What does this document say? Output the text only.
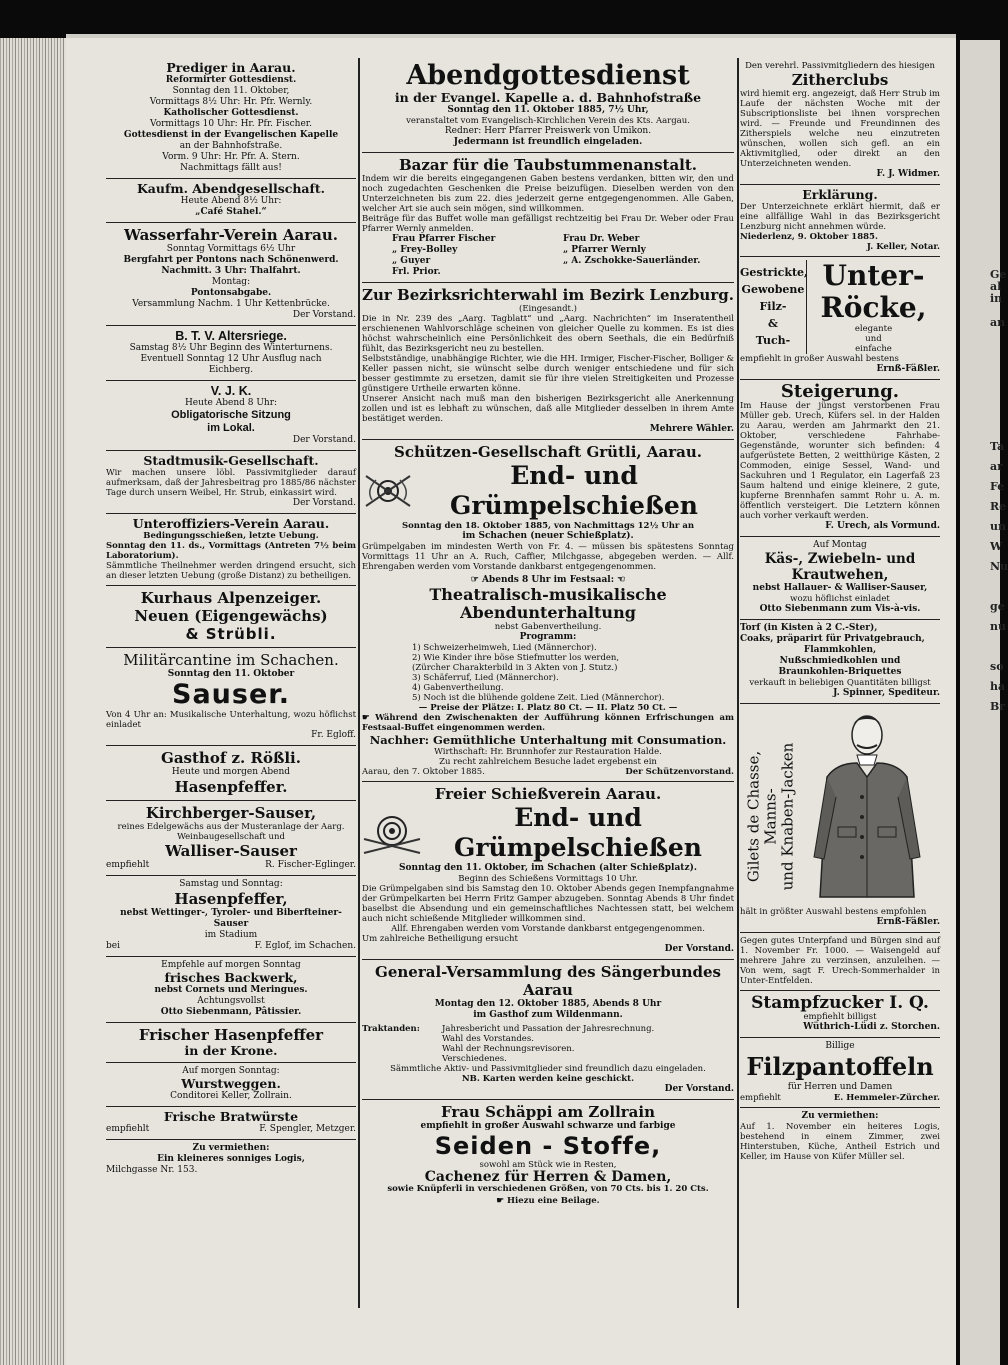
Ge
al
in
an
Ta
ar
Fe
Re
un
W
Nu
ge
nu
so
ha
Br
Prediger in Aarau.
Reformirter Gottesdienst.
Sonntag den 11. Oktober,
Vormittags 8½ Uhr: Hr. Pfr. Wernly.
Katholischer Gottesdienst.
Vormittags 10 Uhr: Hr. Pfr. Fischer.
Gottesdienst in der Evangelischen Kapelle
an der Bahnhofstraße.
Vorm. 9 Uhr: Hr. Pfr. A. Stern.
Nachmittags fällt aus!
Kaufm. Abendgesellschaft.
Heute Abend 8½ Uhr:
„Café Stahel.“
Wasserfahr-Verein Aarau.
Sonntag Vormittags 6½ Uhr
Bergfahrt per Pontons nach Schönenwerd. Nachmitt. 3 Uhr: Thalfahrt.
Montag:
Pontonsabgabe.
Versammlung Nachm. 1 Uhr Kettenbrücke.
Der Vorstand.
B. T. V. Altersriege.
Samstag 8½ Uhr Beginn des Winterturnens.
Eventuell Sonntag 12 Uhr Ausflug nach
Eichberg.
V. J. K.
Heute Abend 8 Uhr:
Obligatorische Sitzung
im Lokal.
Der Vorstand.
Stadtmusik-Gesellschaft.
Wir machen unsere löbl. Passivmitglieder darauf aufmerksam, daß der Jahresbeitrag pro 1885/86 nächster Tage durch unsern Weibel, Hr. Strub, einkassirt wird.
Der Vorstand.
Unteroffiziers-Verein Aarau.
Bedingungsschießen, letzte Uebung.
Sonntag den 11. ds., Vormittags (Antreten 7½ beim Laboratorium).
Sämmtliche Theilnehmer werden dringend ersucht, sich an dieser letzten Uebung (große Distanz) zu betheiligen.
Kurhaus Alpenzeiger.
Neuen (Eigengewächs)
& Strübli.
Militärcantine im Schachen.
Sonntag den 11. Oktober
Sauser.
Von 4 Uhr an: Musikalische Unterhaltung, wozu höflichst einladet
Fr. Egloff.
Gasthof z. Rößli.
Heute und morgen Abend
Hasenpfeffer.
Kirchberger-Sauser,
reines Edelgewächs aus der Musteranlage der Aarg. Weinbaugesellschaft und
Walliser-Sauser
empfiehlt	R. Fischer-Eglinger.
Samstag und Sonntag:
Hasenpfeffer,
nebst Wettinger-, Tyroler- und Biberfteiner-Sauser
im Stadium
bei	F. Eglof, im Schachen.
Empfehle auf morgen Sonntag
frisches Backwerk,
nebst Cornets und Meringues.
Achtungsvollst
Otto Siebenmann, Pâtissier.
Frischer Hasenpfeffer
in der Krone.
Auf morgen Sonntag:
Wurstweggen.
Conditorei Keller, Zollrain.
Frische Bratwürste
empfiehlt	F. Spengler, Metzger.
Zu vermiethen:
Ein kleineres sonniges Logis,
Milchgasse Nr. 153.
Abendgottesdienst
in der Evangel. Kapelle a. d. Bahnhofstraße
Sonntag den 11. Oktober 1885, 7½ Uhr,
veranstaltet vom Evangelisch-Kirchlichen Verein des Kts. Aargau.
Redner: Herr Pfarrer Preiswerk von Umikon.
Jedermann ist freundlich eingeladen.
Bazar für die Taubstummenanstalt.
Indem wir die bereits eingegangenen Gaben bestens verdanken, bitten wir, den und noch zugedachten Geschenken die Preise beizufügen. Dieselben werden von den Unterzeichneten bis zum 22. dies jederzeit gerne entgegengenommen. Alle Gaben, welcher Art sie auch sein mögen, sind willkommen.
Beiträge für das Buffet wolle man gefälligst rechtzeitig bei Frau Dr. Weber oder Frau Pfarrer Wernly anmelden.
Frau Pfarrer Fischer	Frau Dr. Weber
„ Frey-Bolley	„ Pfarrer Wernly
„ Guyer	„ A. Zschokke-Sauerländer.
Frl. Prior.
Zur Bezirksrichterwahl im Bezirk Lenzburg.
(Eingesandt.)
Die in Nr. 239 des „Aarg. Tagblatt“ und „Aarg. Nachrichten“ im Inseratentheil erschienenen Wahlvorschläge scheinen von gleicher Quelle zu kommen. Es ist dies höchst wahrscheinlich eine Persönlichkeit des obern Seethals, die ein Bedürfniß fühlt, das Bezirksgericht neu zu bestellen.
Selbstständige, unabhängige Richter, wie die HH. Irmiger, Fischer-Fischer, Bolliger & Keller passen nicht, sie wünscht selbe durch weniger entschiedene und für sich besser gestimmte zu ersetzen, damit sie für ihre vielen Streitigkeiten und Prozesse günstigere Urtheile erwarten könne.
Unserer Ansicht nach muß man den bisherigen Bezirksgericht alle Anerkennung zollen und ist es lebhaft zu wünschen, daß alle Mitglieder desselben in ihrem Amte bestätiget werden.
Mehrere Wähler.
Schützen-Gesellschaft Grütli, Aarau.
End- und Grümpelschießen
Sonntag den 18. Oktober 1885, von Nachmittags 12½ Uhr an
im Schachen (neuer Schießplatz).
Grümpelgaben im mindesten Werth von Fr. 4. — müssen bis spätestens Sonntag Vormittags 11 Uhr an A. Ruch, Caffier, Milchgasse, abgegeben werden. — Allf. Ehrengaben werden vom Vorstande dankbarst entgegengenommen.
☞ Abends 8 Uhr im Festsaal: ☜
Theatralisch-musikalische Abendunterhaltung
nebst Gabenvertheilung.
Programm:
1) Schweizerheimweh, Lied (Männerchor).
2) Wie Kinder ihre böse Stiefmutter los werden,
(Zürcher Charakterbild in 3 Akten von J. Stutz.)
3) Schäferruf, Lied (Männerchor).
4) Gabenvertheilung.
5) Noch ist die blühende goldene Zeit. Lied (Männerchor).
— Preise der Plätze: I. Platz 80 Ct. — II. Platz 50 Ct. —
☛ Während den Zwischenakten der Aufführung können Erfrischungen am Festsaal-Buffet eingenommen werden.
Nachher: Gemüthliche Unterhaltung mit Consumation.
Wirthschaft: Hr. Brunnhofer zur Restauration Halde.
Zu recht zahlreichem Besuche ladet ergebenst ein
Aarau, den 7. Oktober 1885.	Der Schützenvorstand.
Freier Schießverein Aarau.
End- und Grümpelschießen
Sonntag den 11. Oktober, im Schachen (alter Schießplatz).
Beginn des Schießens Vormittags 10 Uhr.
Die Grümpelgaben sind bis Samstag den 10. Oktober Abends gegen Inempfangnahme der Grümpelkarten bei Herrn Fritz Gamper abzugeben. Sonntag Abends 8 Uhr findet baselbst die Absendung und ein gemeinschaftliches Nachtessen statt, bei welchem auch nicht schießende Mitglieder willkommen sind.
Allf. Ehrengaben werden vom Vorstande dankbarst entgegengenommen.
Um zahlreiche Betheiligung ersucht
Der Vorstand.
General-Versammlung des Sängerbundes Aarau
Montag den 12. Oktober 1885, Abends 8 Uhr
im Gasthof zum Wildenmann.
Traktanden:	Jahresbericht und Passation der Jahresrechnung.
Wahl des Vorstandes.
Wahl der Rechnungsrevisoren.
Verschiedenes.
Sämmtliche Aktiv- und Passivmitglieder sind freundlich dazu eingeladen.
NB. Karten werden keine geschickt.
Der Vorstand.
Frau Schäppi am Zollrain
empfiehlt in großer Auswahl schwarze und farbige
Seiden - Stoffe,
sowohl am Stück wie in Resten,
Cachenez für Herren & Damen,
sowie Knüpferli in verschiedenen Größen, von 70 Cts. bis 1. 20 Cts.
☛ Hiezu eine Beilage.
Den verehrl. Passivmitgliedern des hiesigen
Zitherclubs
wird hiemit erg. angezeigt, daß Herr Strub im Laufe der nächsten Woche mit der Subscriptionsliste bei ihnen vorsprechen wird. — Freunde und Freundinnen des Zitherspiels welche neu einzutreten wünschen, wollen sich gefl. an ein Aktivmitglied, oder direkt an den Unterzeichneten wenden.
F. J. Widmer.
Erklärung.
Der Unterzeichnete erklärt hiermit, daß er eine allfällige Wahl in das Bezirksgericht Lenzburg nicht annehmen würde.
Niederlenz, 9. Oktober 1885.
J. Keller, Notar.
Gestrickte,
Gewobene
Filz-
&
Tuch-
Unter-
Röcke,
elegante
und
einfache
empfiehlt in großer Auswahl bestens
Ernß-Fäßler.
Steigerung.
Im Hause der jüngst verstorbenen Frau Müller geb. Urech, Küfers sel. in der Halden zu Aarau, werden am Jahrmarkt den 21. Oktober, verschiedene Fahrhabe-Gegenstände, worunter sich befinden: 4 aufgerüstete Betten, 2 weitthürige Kästen, 2 Commoden, einige Sessel, Wand- und Sackuhren und 1 Regulator, ein Lagerfaß 23 Saum haltend und einige kleinere, 2 gute, kupferne Brennhafen sammt Rohr u. A. m. öffentlich versteigert. Die Letztern können auch vorher verkauft werden.
F. Urech, als Vormund.
Auf Montag
Käs-, Zwiebeln- und Krautwehen,
nebst Hallauer- & Walliser-Sauser,
wozu höflichst einladet
Otto Siebenmann zum Vis-à-vis.
Torf (in Kisten à 2 C.-Ster),
Coaks, präparirt für Privatgebrauch,
Flammkohlen,
Nußschmiedkohlen und
Braunkohlen-Briquettes
verkauft in beliebigen Quantitäten billigst
J. Spinner, Spediteur.
Gilets de Chasse, Manns- und Knaben-Jacken
hält in größter Auswahl bestens empfohlen
Ernß-Fäßler.
Gegen gutes Unterpfand und Bürgen sind auf 1. November Fr. 1000. — Waisengeld auf mehrere Jahre zu verzinsen, anzuleihen. — Von wem, sagt F. Urech-Sommerhalder in Unter-Entfelden.
Stampfzucker I. Q.
empfiehlt billigst
Wüthrich-Lüdi z. Storchen.
Billige
Filzpantoffeln
für Herren und Damen
empfiehlt	E. Hemmeler-Zürcher.
Zu vermiethen:
Auf 1. November ein heiteres Logis, bestehend in einem Zimmer, zwei Hinterstuben, Küche, Antheil Estrich und Keller, im Hause von Küfer Müller sel.
